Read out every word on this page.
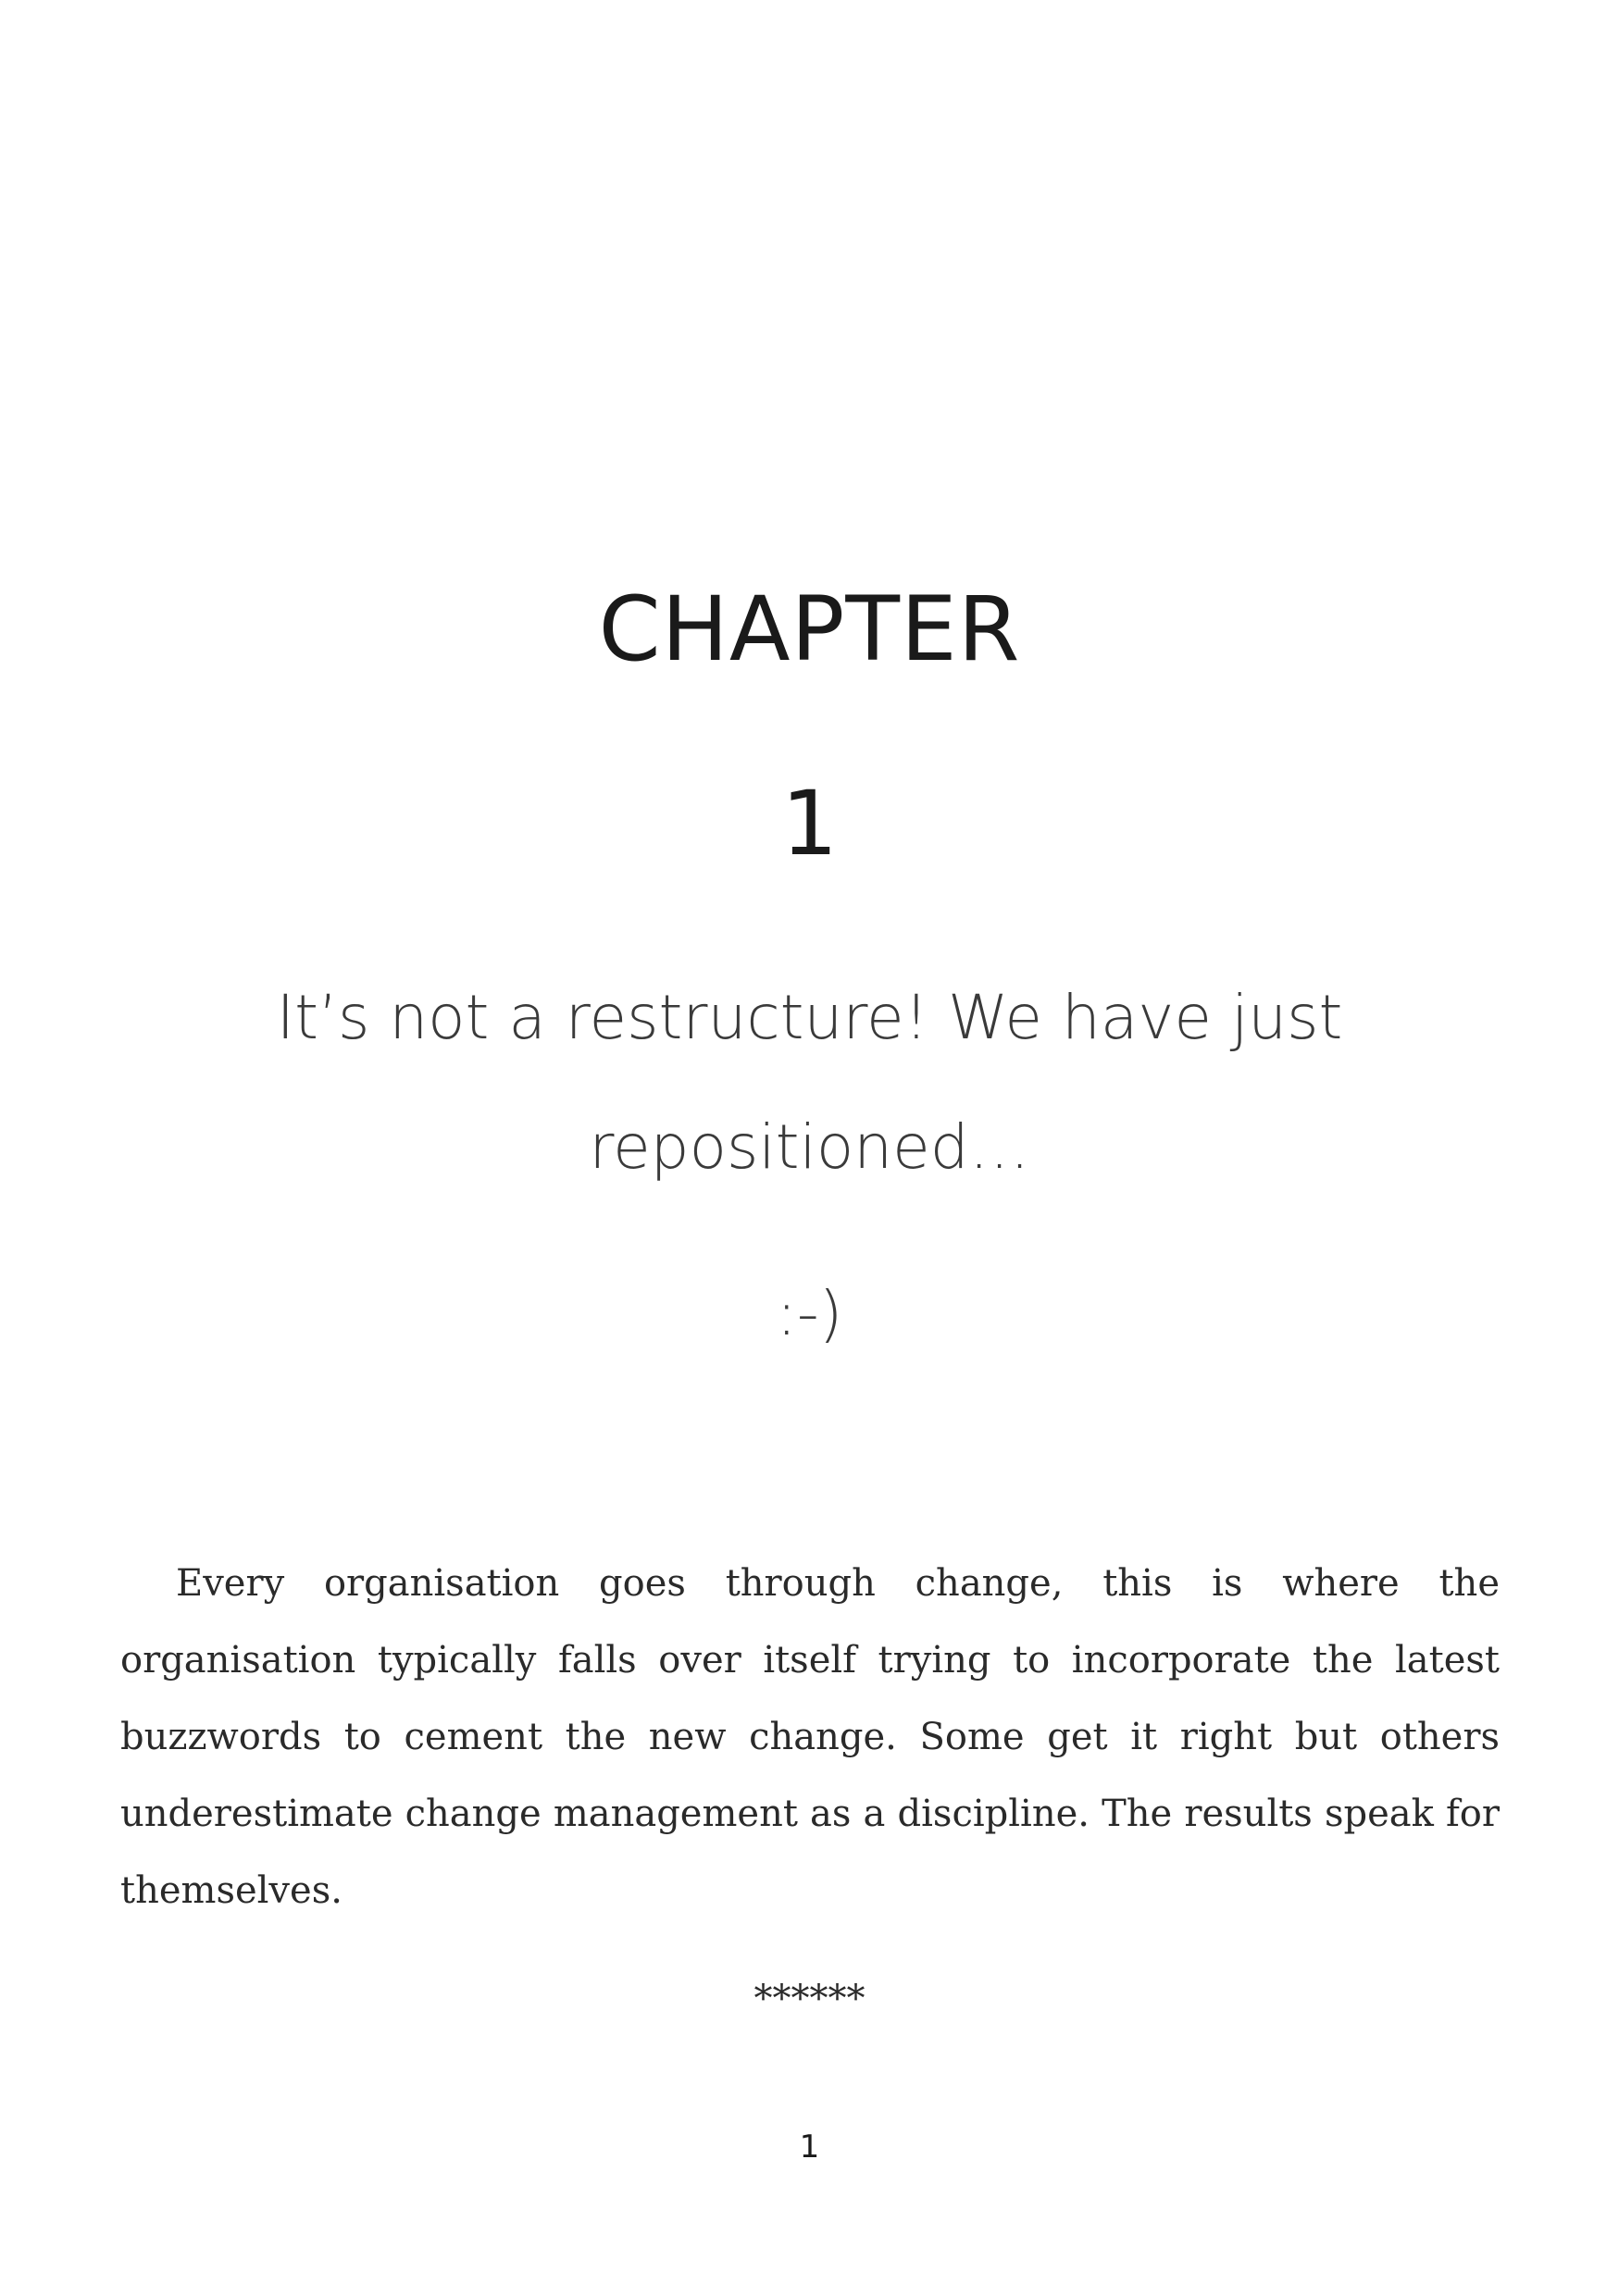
CHAPTER
1
It’s not a restructure! We have just repositioned…
:-)

Every organisation goes through change, this is where the organisation typically falls over itself trying to incorporate the latest buzzwords to cement the new change. Some get it right but others underestimate change management as a discipline. The results speak for themselves.

******
1
